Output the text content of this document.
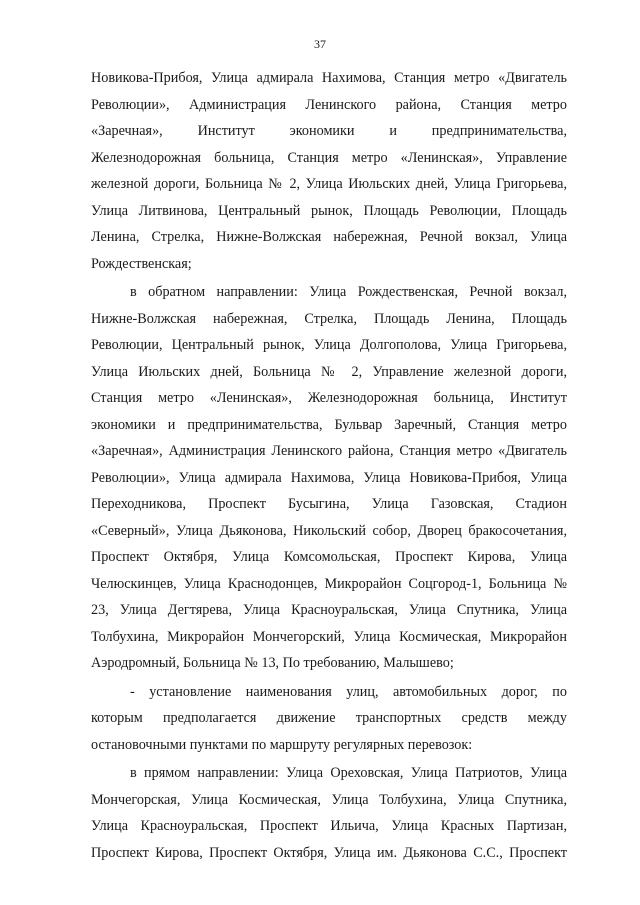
37
Новикова-Прибоя, Улица адмирала Нахимова, Станция метро «Двигатель
Революции», Администрация Ленинского района, Станция метро
«Заречная», Институт экономики и предпринимательства,
Железнодорожная больница, Станция метро «Ленинская», Управление
железной дороги, Больница № 2, Улица Июльских дней, Улица Григорьева,
Улица Литвинова, Центральный рынок, Площадь Революции, Площадь
Ленина, Стрелка, Нижне-Волжская набережная, Речной вокзал, Улица
Рождественская;
в обратном направлении: Улица Рождественская, Речной вокзал,
Нижне-Волжская набережная, Стрелка, Площадь Ленина, Площадь
Революции, Центральный рынок, Улица Долгополова, Улица Григорьева,
Улица Июльских дней, Больница № 2, Управление железной дороги,
Станция метро «Ленинская», Железнодорожная больница, Институт
экономики и предпринимательства, Бульвар Заречный, Станция метро
«Заречная», Администрация Ленинского района, Станция метро «Двигатель
Революции», Улица адмирала Нахимова, Улица Новикова-Прибоя, Улица
Переходникова, Проспект Бусыгина, Улица Газовская, Стадион
«Северный», Улица Дьяконова, Никольский собор, Дворец бракосочетания,
Проспект Октября, Улица Комсомольская, Проспект Кирова, Улица
Челюскинцев, Улица Краснодонцев, Микрорайон Соцгород-1, Больница №
23, Улица Дегтярева, Улица Красноуральская, Улица Спутника, Улица
Толбухина, Микрорайон Мончегорский, Улица Космическая, Микрорайон
Аэродромный, Больница № 13, По требованию, Малышево;
- установление наименования улиц, автомобильных дорог, по
которым предполагается движение транспортных средств между
остановочными пунктами по маршруту регулярных перевозок:
в прямом направлении: Улица Ореховская, Улица Патриотов, Улица
Мончегорская, Улица Космическая, Улица Толбухина, Улица Спутника,
Улица Красноуральская, Проспект Ильича, Улица Красных Партизан,
Проспект Кирова, Проспект Октября, Улица им. Дьяконова С.С., Проспект
